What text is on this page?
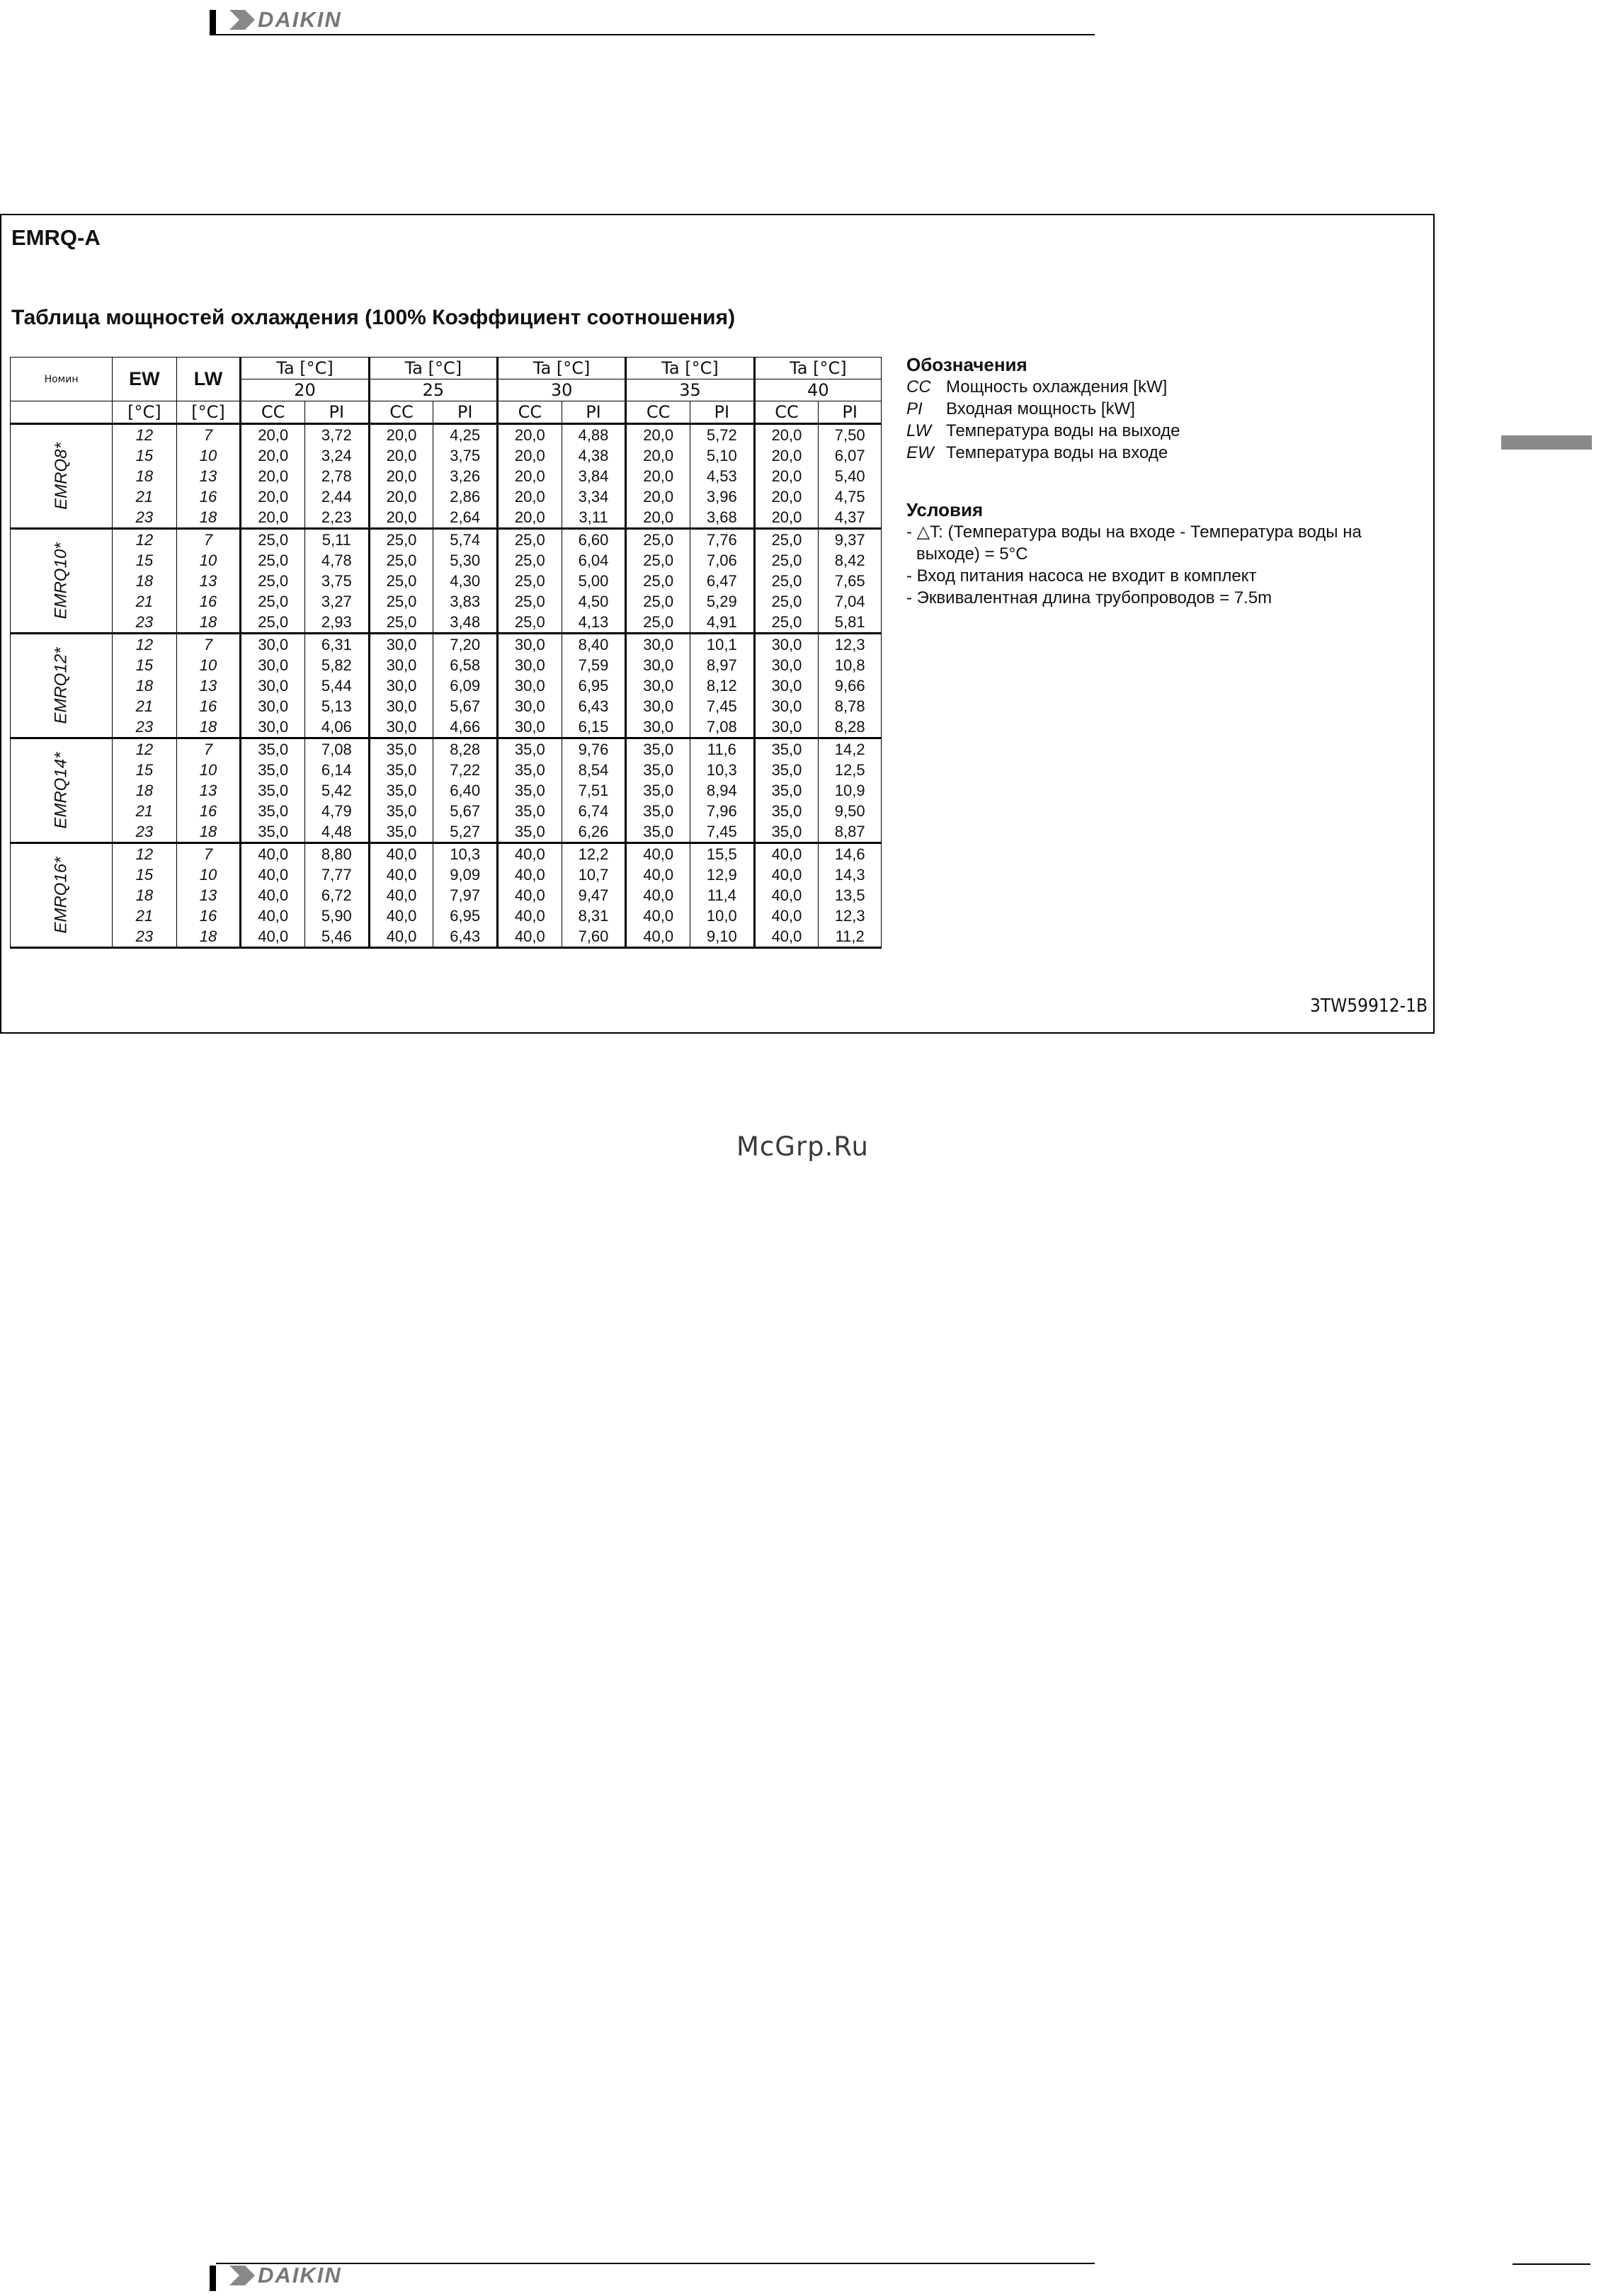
DAIKIN
EMRQ-A
Таблица мощностей охлаждения (100% Коэффициент соотношения)
Номин	EW	LW	Ta [°C]		Ta [°C]		Ta [°C]		Ta [°C]		Ta [°C]	
			20		25		30		35		40	
	[°C]	[°C]	CC	PI	CC	PI	CC	PI	CC	PI	CC	PI
EMRQ8*	12	7	20,0	3,72	20,0	4,25	20,0	4,88	20,0	5,72	20,0	7,50
	15	10	20,0	3,24	20,0	3,75	20,0	4,38	20,0	5,10	20,0	6,07
	18	13	20,0	2,78	20,0	3,26	20,0	3,84	20,0	4,53	20,0	5,40
	21	16	20,0	2,44	20,0	2,86	20,0	3,34	20,0	3,96	20,0	4,75
	23	18	20,0	2,23	20,0	2,64	20,0	3,11	20,0	3,68	20,0	4,37
EMRQ10*	12	7	25,0	5,11	25,0	5,74	25,0	6,60	25,0	7,76	25,0	9,37
	15	10	25,0	4,78	25,0	5,30	25,0	6,04	25,0	7,06	25,0	8,42
	18	13	25,0	3,75	25,0	4,30	25,0	5,00	25,0	6,47	25,0	7,65
	21	16	25,0	3,27	25,0	3,83	25,0	4,50	25,0	5,29	25,0	7,04
	23	18	25,0	2,93	25,0	3,48	25,0	4,13	25,0	4,91	25,0	5,81
EMRQ12*	12	7	30,0	6,31	30,0	7,20	30,0	8,40	30,0	10,1	30,0	12,3
	15	10	30,0	5,82	30,0	6,58	30,0	7,59	30,0	8,97	30,0	10,8
	18	13	30,0	5,44	30,0	6,09	30,0	6,95	30,0	8,12	30,0	9,66
	21	16	30,0	5,13	30,0	5,67	30,0	6,43	30,0	7,45	30,0	8,78
	23	18	30,0	4,06	30,0	4,66	30,0	6,15	30,0	7,08	30,0	8,28
EMRQ14*	12	7	35,0	7,08	35,0	8,28	35,0	9,76	35,0	11,6	35,0	14,2
	15	10	35,0	6,14	35,0	7,22	35,0	8,54	35,0	10,3	35,0	12,5
	18	13	35,0	5,42	35,0	6,40	35,0	7,51	35,0	8,94	35,0	10,9
	21	16	35,0	4,79	35,0	5,67	35,0	6,74	35,0	7,96	35,0	9,50
	23	18	35,0	4,48	35,0	5,27	35,0	6,26	35,0	7,45	35,0	8,87
EMRQ16*	12	7	40,0	8,80	40,0	10,3	40,0	12,2	40,0	15,5	40,0	14,6
	15	10	40,0	7,77	40,0	9,09	40,0	10,7	40,0	12,9	40,0	14,3
	18	13	40,0	6,72	40,0	7,97	40,0	9,47	40,0	11,4	40,0	13,5
	21	16	40,0	5,90	40,0	6,95	40,0	8,31	40,0	10,0	40,0	12,3
	23	18	40,0	5,46	40,0	6,43	40,0	7,60	40,0	9,10	40,0	11,2
Обозначения
CC Мощность охлаждения [kW]
PI	Входная мощность [kW]
LW Температура воды на выходе
EW Температура воды на входе
Условия
- △T: (Температура воды на входе - Температура воды на
выходе) = 5°C
- Вход питания насоса не входит в комплект
- Эквивалентная длина трубопроводов = 7.5m
3TW59912-1B
McGrp.Ru
DAIKIN
